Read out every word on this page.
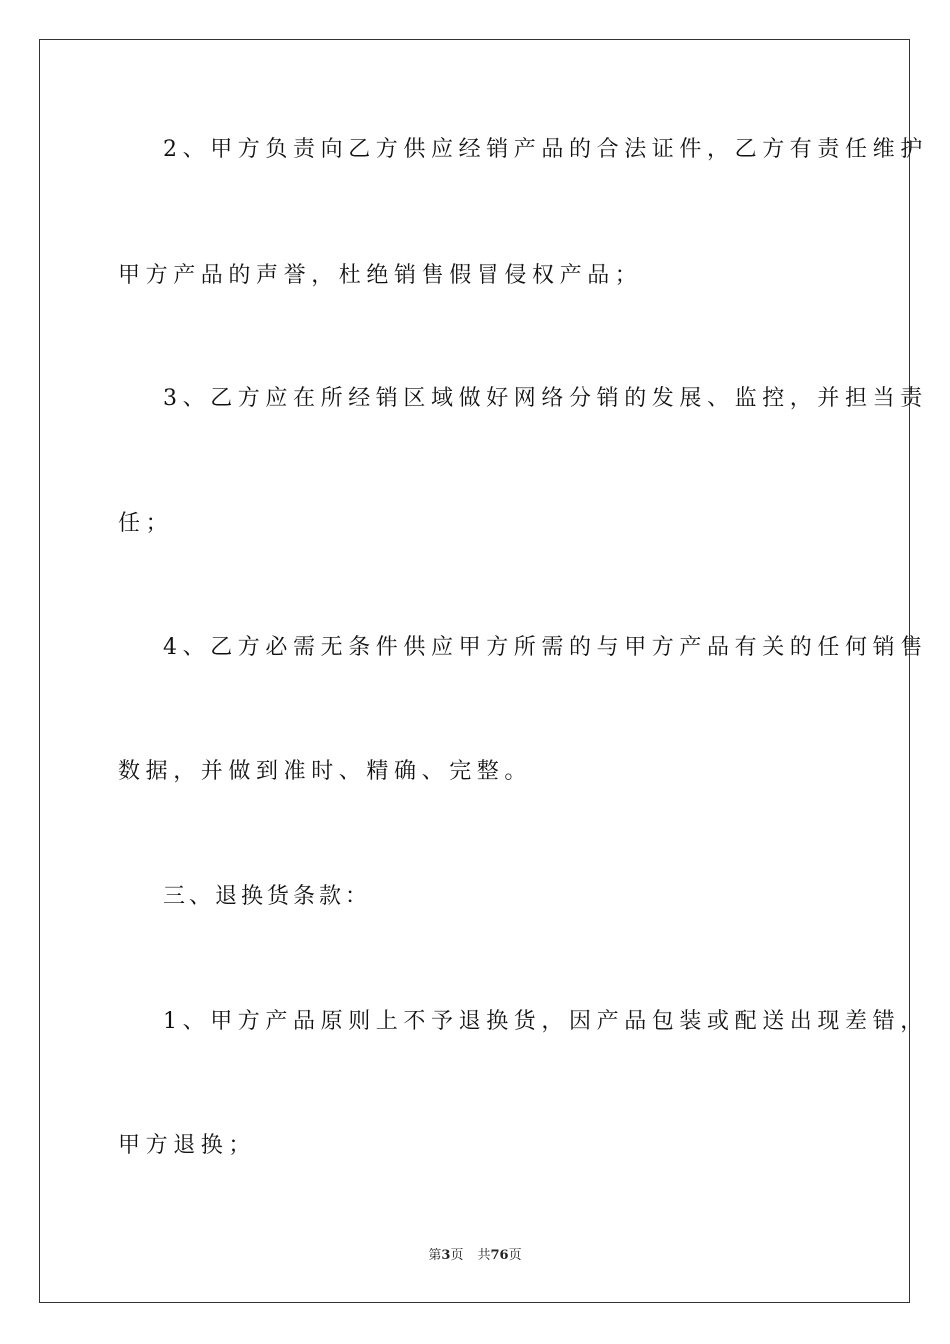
2、甲方负责向乙方供应经销产品的合法证件，乙方有责任维护
甲方产品的声誉，杜绝销售假冒侵权产品；
3、乙方应在所经销区域做好网络分销的发展、监控，并担当责
任；
4、乙方必需无条件供应甲方所需的与甲方产品有关的任何销售
数据，并做到准时、精确、完整。
三、退换货条款：
1、甲方产品原则上不予退换货，因产品包装或配送出现差错，
甲方退换；
第3页 共76页
